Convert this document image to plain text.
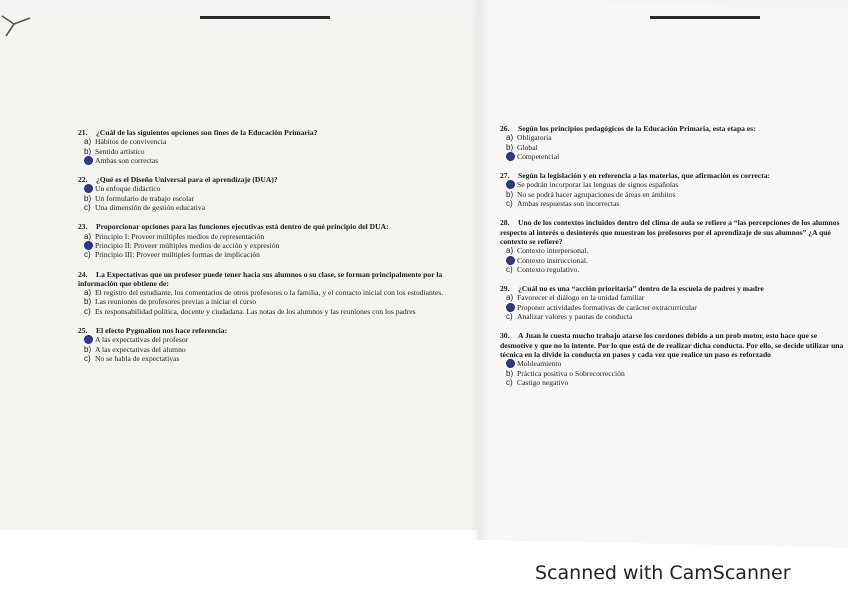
21. ¿Cuál de las siguientes opciones son fines de la Educación Primaria?
a) Hábitos de convivencia
b) Sentido artístico
Ambas son correctas
22. ¿Qué es el Diseño Universal para el aprendizaje (DUA)?
Un enfoque didáctico
b) Un formulario de trabajo escolar
c) Una dimensión de gestión educativa
23. Proporcionar opciones para las funciones ejecutivas está dentro de qué principio del DUA:
a) Principio I: Proveer múltiples medios de representación
Principio II: Proveer múltiples medios de acción y expresión
c) Principio III: Proveer múltiples formas de implicación
24. La Expectativas que un profesor puede tener hacia sus alumnos o su clase, se forman principalmente por la información que obtiene de:
a) El registro del estudiante, los comentarios de otros profesores o la familia, y el contacto inicial con los estudiantes.
b) Las reuniones de profesores previas a iniciar el curso
c) Es responsabilidad política, docente y ciudadana. Las notas de los alumnos y las reuniones con los padres
25. El efecto Pygmalion nos hace referencia:
A las expectativas del profesor
b) A las expectativas del alumno
c) No se habla de expectativas
26. Según los principios pedagógicos de la Educación Primaria, esta etapa es:
a) Obligatoria
b) Global
Competencial
27. Según la legislación y en referencia a las materias, que afirmación es correcta:
Se podrán incorporar las lenguas de signos españolas
b) No se podrá hacer agrupaciones de áreas en ámbitos
c) Ambas respuestas son incorrectas
28. Uno de los contextos incluidos dentro del clima de aula se refiere a “las percepciones de los alumnos respecto al interés o desinterés que muestran los profesores por el aprendizaje de sus alumnos” ¿A qué contexto se refiere?
a) Contexto interpersonal.
Contexto instruccional.
c) Contexto regulativo.
29. ¿Cuál no es una “acción prioritaria” dentro de la escuela de padres y madre
a) Favorecer el diálogo en la unidad familiar
Proponer actividades formativas de carácter extracurricular
c) Analizar valores y pautas de conducta
30. A Juan le cuesta mucho trabajo atarse los cordones debido a un prob motor, esto hace que se desmotive y que no lo intente. Por lo que está de de realizar dicha conducta. Por ello, se decide utilizar una técnica en la divide la conducta en pasos y cada vez que realice un paso es reforzado
Moldeamiento
b) Práctica positiva o Sobrecorrección
c) Castigo negativo
Scanned with CamScanner
